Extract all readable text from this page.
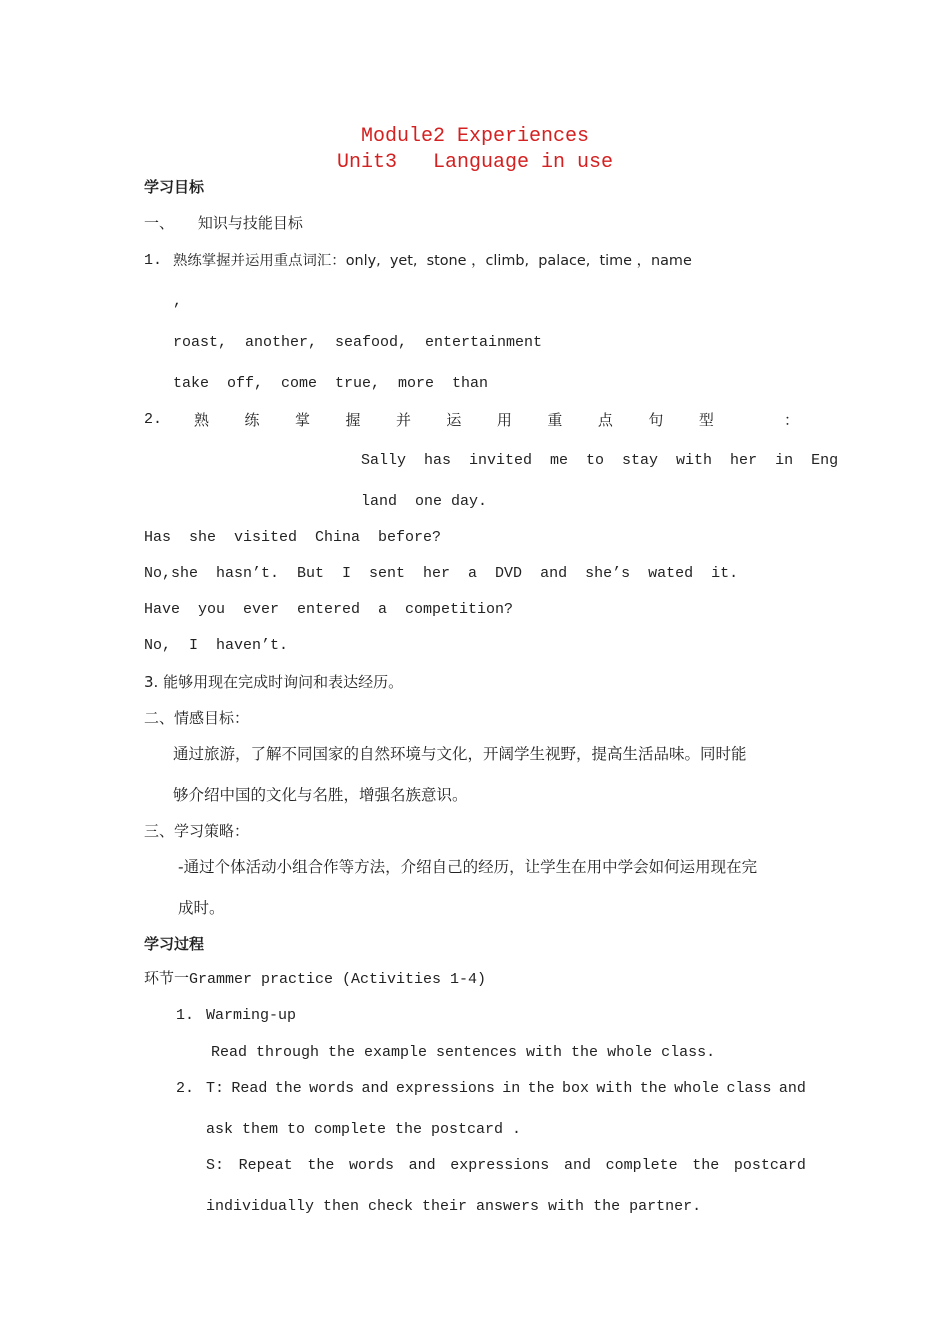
Module2 Experiences
Unit3   Language in use
学习目标
一、     知识与技能目标
1. 熟练掌握并运用重点词汇：only,  yet,  stone ，climb,  palace,  time ，name
,
roast,  another,  seafood,  entertainment
take  off,  come  true,  more  than
2. 熟 练 掌 握 并 运 用 重 点 句 型	：
Sally  has  invited  me  to  stay  with  her  in  Eng
land  one day.
Has  she  visited  China  before?
No,she  hasn’t.  But  I  sent  her  a  DVD  and  she’s  wated  it.
Have  you  ever  entered  a  competition?
No,  I  haven’t.
3. 能够用现在完成时询问和表达经历。
二、情感目标：
通过旅游，了解不同国家的自然环境与文化，开阔学生视野，提高生活品味。同时能
够介绍中国的文化与名胜，增强名族意识。
三、学习策略：
-通过个体活动小组合作等方法，介绍自己的经历，让学生在用中学会如何运用现在完
成时。
学习过程
环节一Grammer practice (Activities 1-4)
1. Warming-up
Read through the example sentences with the whole class.
2. T: Read the words and expressions in the box with the whole class and
ask them to complete the postcard .
S: Repeat the words and expressions and complete the postcard
individually then check their answers with the partner.
